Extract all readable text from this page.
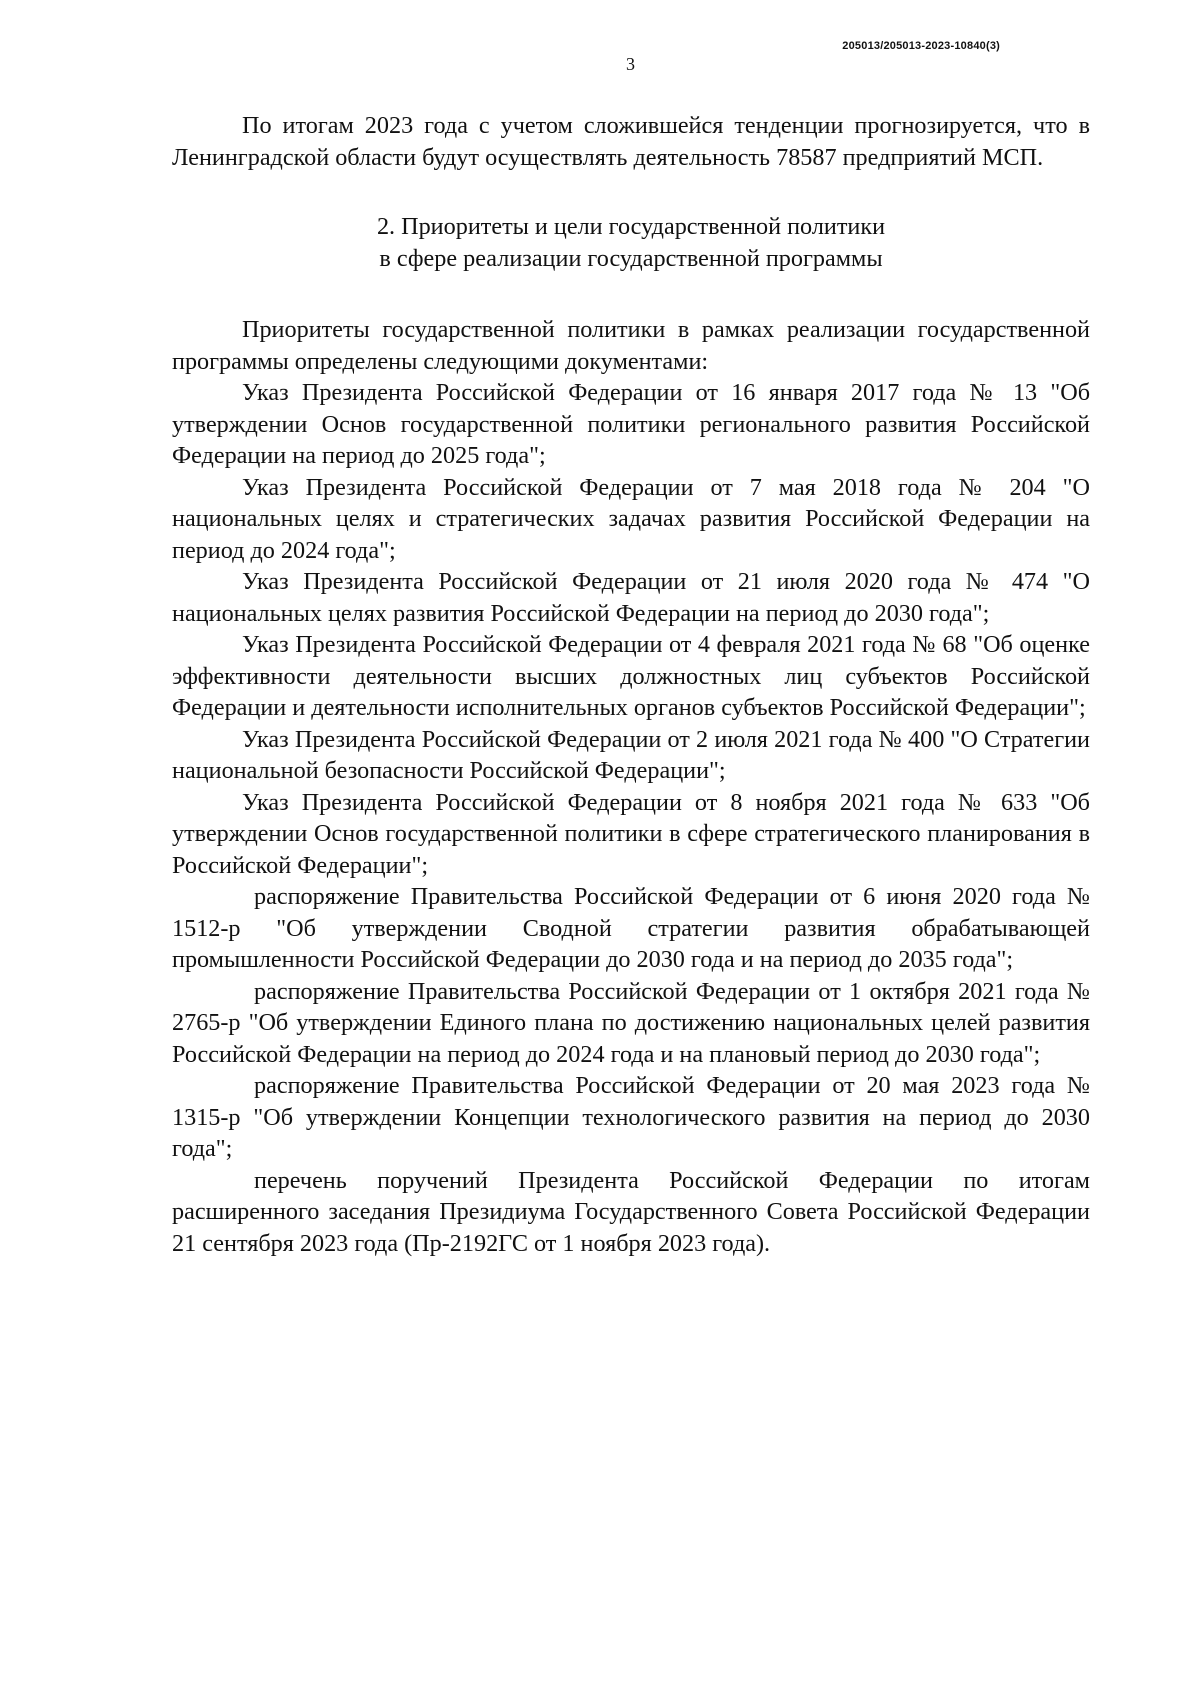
205013/205013-2023-10840(3)
3

По итогам 2023 года с учетом сложившейся тенденции прогнозируется, что в Ленинградской области будут осуществлять деятельность 78587 предприятий МСП.

2. Приоритеты и цели государственной политики
в сфере реализации государственной программы

Приоритеты государственной политики в рамках реализации государственной программы определены следующими документами:

Указ Президента Российской Федерации от 16 января 2017 года № 13 "Об утверждении Основ государственной политики регионального развития Российской Федерации на период до 2025 года";

Указ Президента Российской Федерации от 7 мая 2018 года № 204 "О национальных целях и стратегических задачах развития Российской Федерации на период до 2024 года";

Указ Президента Российской Федерации от 21 июля 2020 года № 474 "О национальных целях развития Российской Федерации на период до 2030 года";

Указ Президента Российской Федерации от 4 февраля 2021 года № 68 "Об оценке эффективности деятельности высших должностных лиц субъектов Российской Федерации и деятельности исполнительных органов субъектов Российской Федерации";

Указ Президента Российской Федерации от 2 июля 2021 года № 400 "О Стратегии национальной безопасности Российской Федерации";

Указ Президента Российской Федерации от 8 ноября 2021 года № 633 "Об утверждении Основ государственной политики в сфере стратегического планирования в Российской Федерации";

распоряжение Правительства Российской Федерации от 6 июня 2020 года № 1512-р "Об утверждении Сводной стратегии развития обрабатывающей промышленности Российской Федерации до 2030 года и на период до 2035 года";

распоряжение Правительства Российской Федерации от 1 октября 2021 года № 2765-р "Об утверждении Единого плана по достижению национальных целей развития Российской Федерации на период до 2024 года и на плановый период до 2030 года";

распоряжение Правительства Российской Федерации от 20 мая 2023 года № 1315-р "Об утверждении Концепции технологического развития на период до 2030 года";

перечень поручений Президента Российской Федерации по итогам расширенного заседания Президиума Государственного Совета Российской Федерации 21 сентября 2023 года (Пр-2192ГС от 1 ноября 2023 года).
